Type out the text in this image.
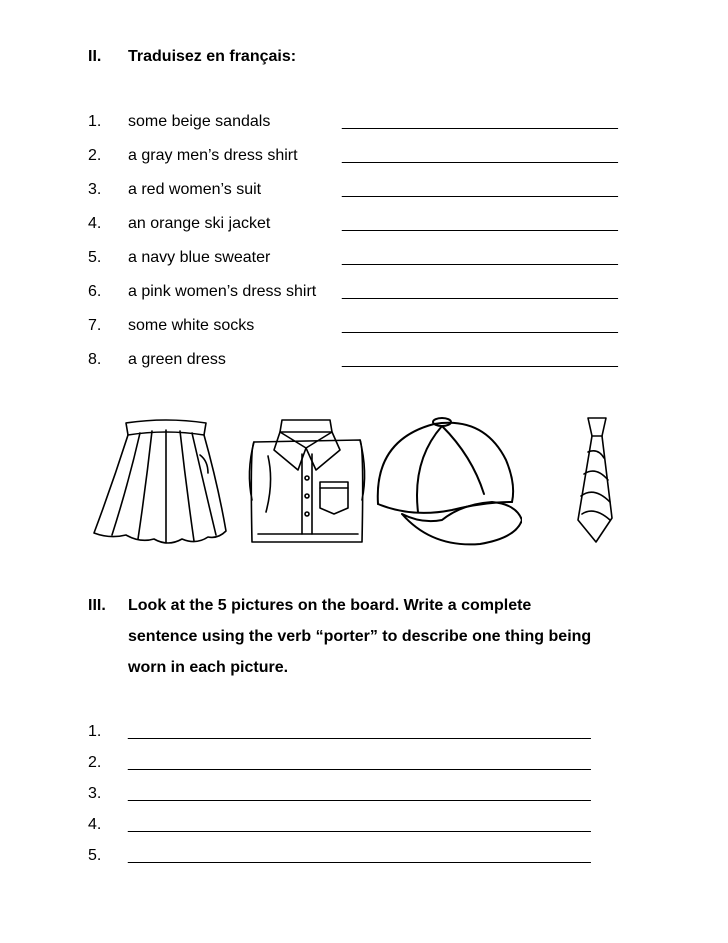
II. Traduisez en français:
1. some beige sandals	_______________________________
2. a gray men’s dress shirt	_______________________________
3. a red women’s suit	_______________________________
4. an orange ski jacket	_______________________________
5. a navy blue sweater	_______________________________
6. a pink women’s dress shirt _______________________________
7. some white socks	_______________________________
8. a green dress	_______________________________
III. Look at the 5 pictures on the board. Write a complete
sentence using the verb “porter” to describe one thing being
worn in each picture.
1. ____________________________________________________
2. ____________________________________________________
3. ____________________________________________________
4. ____________________________________________________
5. ____________________________________________________
